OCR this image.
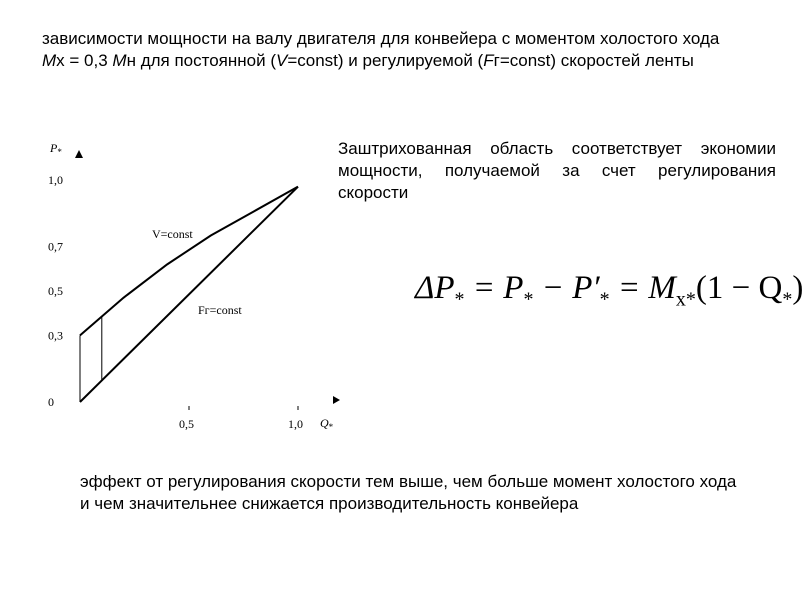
зависимости мощности на валу двигателя для конвейера с моментом холостого хода Мх = 0,3 Мн для постоянной (V=const) и регулируемой (Fг=const) скоростей ленты
Заштрихованная область соответствует экономии мощности, получаемой за счет регулирования скорости
$\Delta P_* = P_* - P'_* = M_{x*}(1 - Q_*)$
эффект от регулирования скорости тем выше, чем больше момент холостого хода и чем значительнее снижается производительность конвейера
$P_*$
$Q_*$
0
0,3
0,5
0,7
1,0
0,5	1,0
V=const
Fг=const
